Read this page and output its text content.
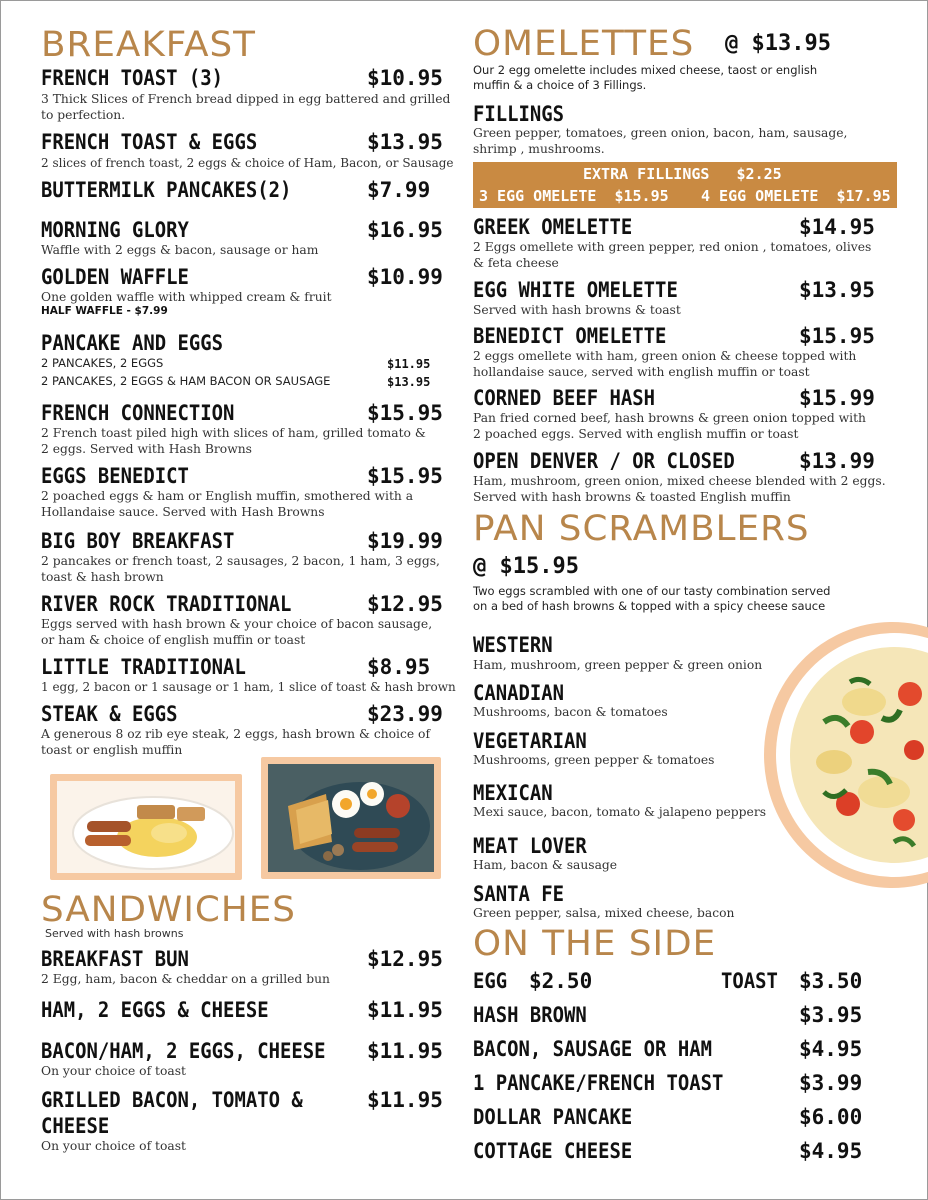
BREAKFAST
FRENCH TOAST (3)	$10.95
3 Thick Slices of French bread dipped in egg battered and grilled to perfection.
FRENCH TOAST & EGGS	$13.95
2 slices of french toast, 2 eggs & choice of Ham, Bacon, or Sausage
BUTTERMILK PANCAKES(2)	$7.99
MORNING GLORY	$16.95
Waffle with 2 eggs & bacon, sausage or ham
GOLDEN WAFFLE	$10.99
One golden waffle with whipped cream & fruit
HALF WAFFLE - $7.99
PANCAKE AND EGGS
2 PANCAKES, 2 EGGS	$11.95
2 PANCAKES, 2 EGGS & HAM BACON OR SAUSAGE	$13.95
FRENCH CONNECTION	$15.95
2 French toast piled high with slices of ham, grilled tomato & 2 eggs. Served with Hash Browns
EGGS BENEDICT	$15.95
2 poached eggs & ham or English muffin, smothered with a Hollandaise sauce. Served with Hash Browns
BIG BOY BREAKFAST	$19.99
2 pancakes or french toast, 2 sausages, 2 bacon, 1 ham, 3 eggs, toast & hash brown
RIVER ROCK TRADITIONAL	$12.95
Eggs served with hash brown & your choice of bacon sausage, or ham & choice of english muffin or toast
LITTLE TRADITIONAL	$8.95
1 egg, 2 bacon or 1 sausage or 1 ham, 1 slice of toast & hash brown
STEAK & EGGS	$23.99
A generous 8 oz rib eye steak, 2 eggs, hash brown & choice of toast or english muffin
SANDWICHES
Served with hash browns
BREAKFAST BUN	$12.95
2 Egg, ham, bacon & cheddar on a grilled bun
HAM, 2 EGGS & CHEESE	$11.95
BACON/HAM, 2 EGGS, CHEESE $11.95
On your choice of toast
GRILLED BACON, TOMATO &
CHEESE
$11.95
On your choice of toast
OMELETTES @ $13.95
Our 2 egg omelette includes mixed cheese, taost or english muffin & a choice of 3 Fillings.
FILLINGS
Green pepper, tomatoes, green onion, bacon, ham, sausage, shrimp , mushrooms.
EXTRA FILLINGS   $2.25
3 EGG OMELETE  $15.95 4 EGG OMELETE  $17.95
GREEK OMELETTE	$14.95
2 Eggs omellete with green pepper, red onion , tomatoes, olives & feta cheese
EGG WHITE OMELETTE	$13.95
Served with hash browns & toast
BENEDICT OMELETTE	$15.95
2 eggs omellete with ham, green onion & cheese topped with hollandaise sauce, served with english muffin or toast
CORNED BEEF HASH	$15.99
Pan fried corned beef, hash browns & green onion topped with 2 poached eggs. Served with english muffin or toast
OPEN DENVER / OR CLOSED	$13.99
Ham, mushroom, green onion, mixed cheese blended with 2 eggs. Served with hash browns & toasted English muffin
PAN SCRAMBLERS
@ $15.95
Two eggs scrambled with one of our tasty combination served on a bed of hash browns & topped with a spicy cheese sauce
WESTERN
Ham, mushroom, green pepper & green onion
CANADIAN
Mushrooms, bacon & tomatoes
VEGETARIAN
Mushrooms, green pepper & tomatoes
MEXICAN
Mexi sauce, bacon, tomato & jalapeno peppers
MEAT LOVER
Ham, bacon & sausage
SANTA FE
Green pepper, salsa, mixed cheese, bacon
ON THE SIDE
EGG $2.50	TOAST $3.50
HASH BROWN	$3.95
BACON, SAUSAGE OR HAM	$4.95
1 PANCAKE/FRENCH TOAST	$3.99
DOLLAR PANCAKE	$6.00
COTTAGE CHEESE	$4.95
